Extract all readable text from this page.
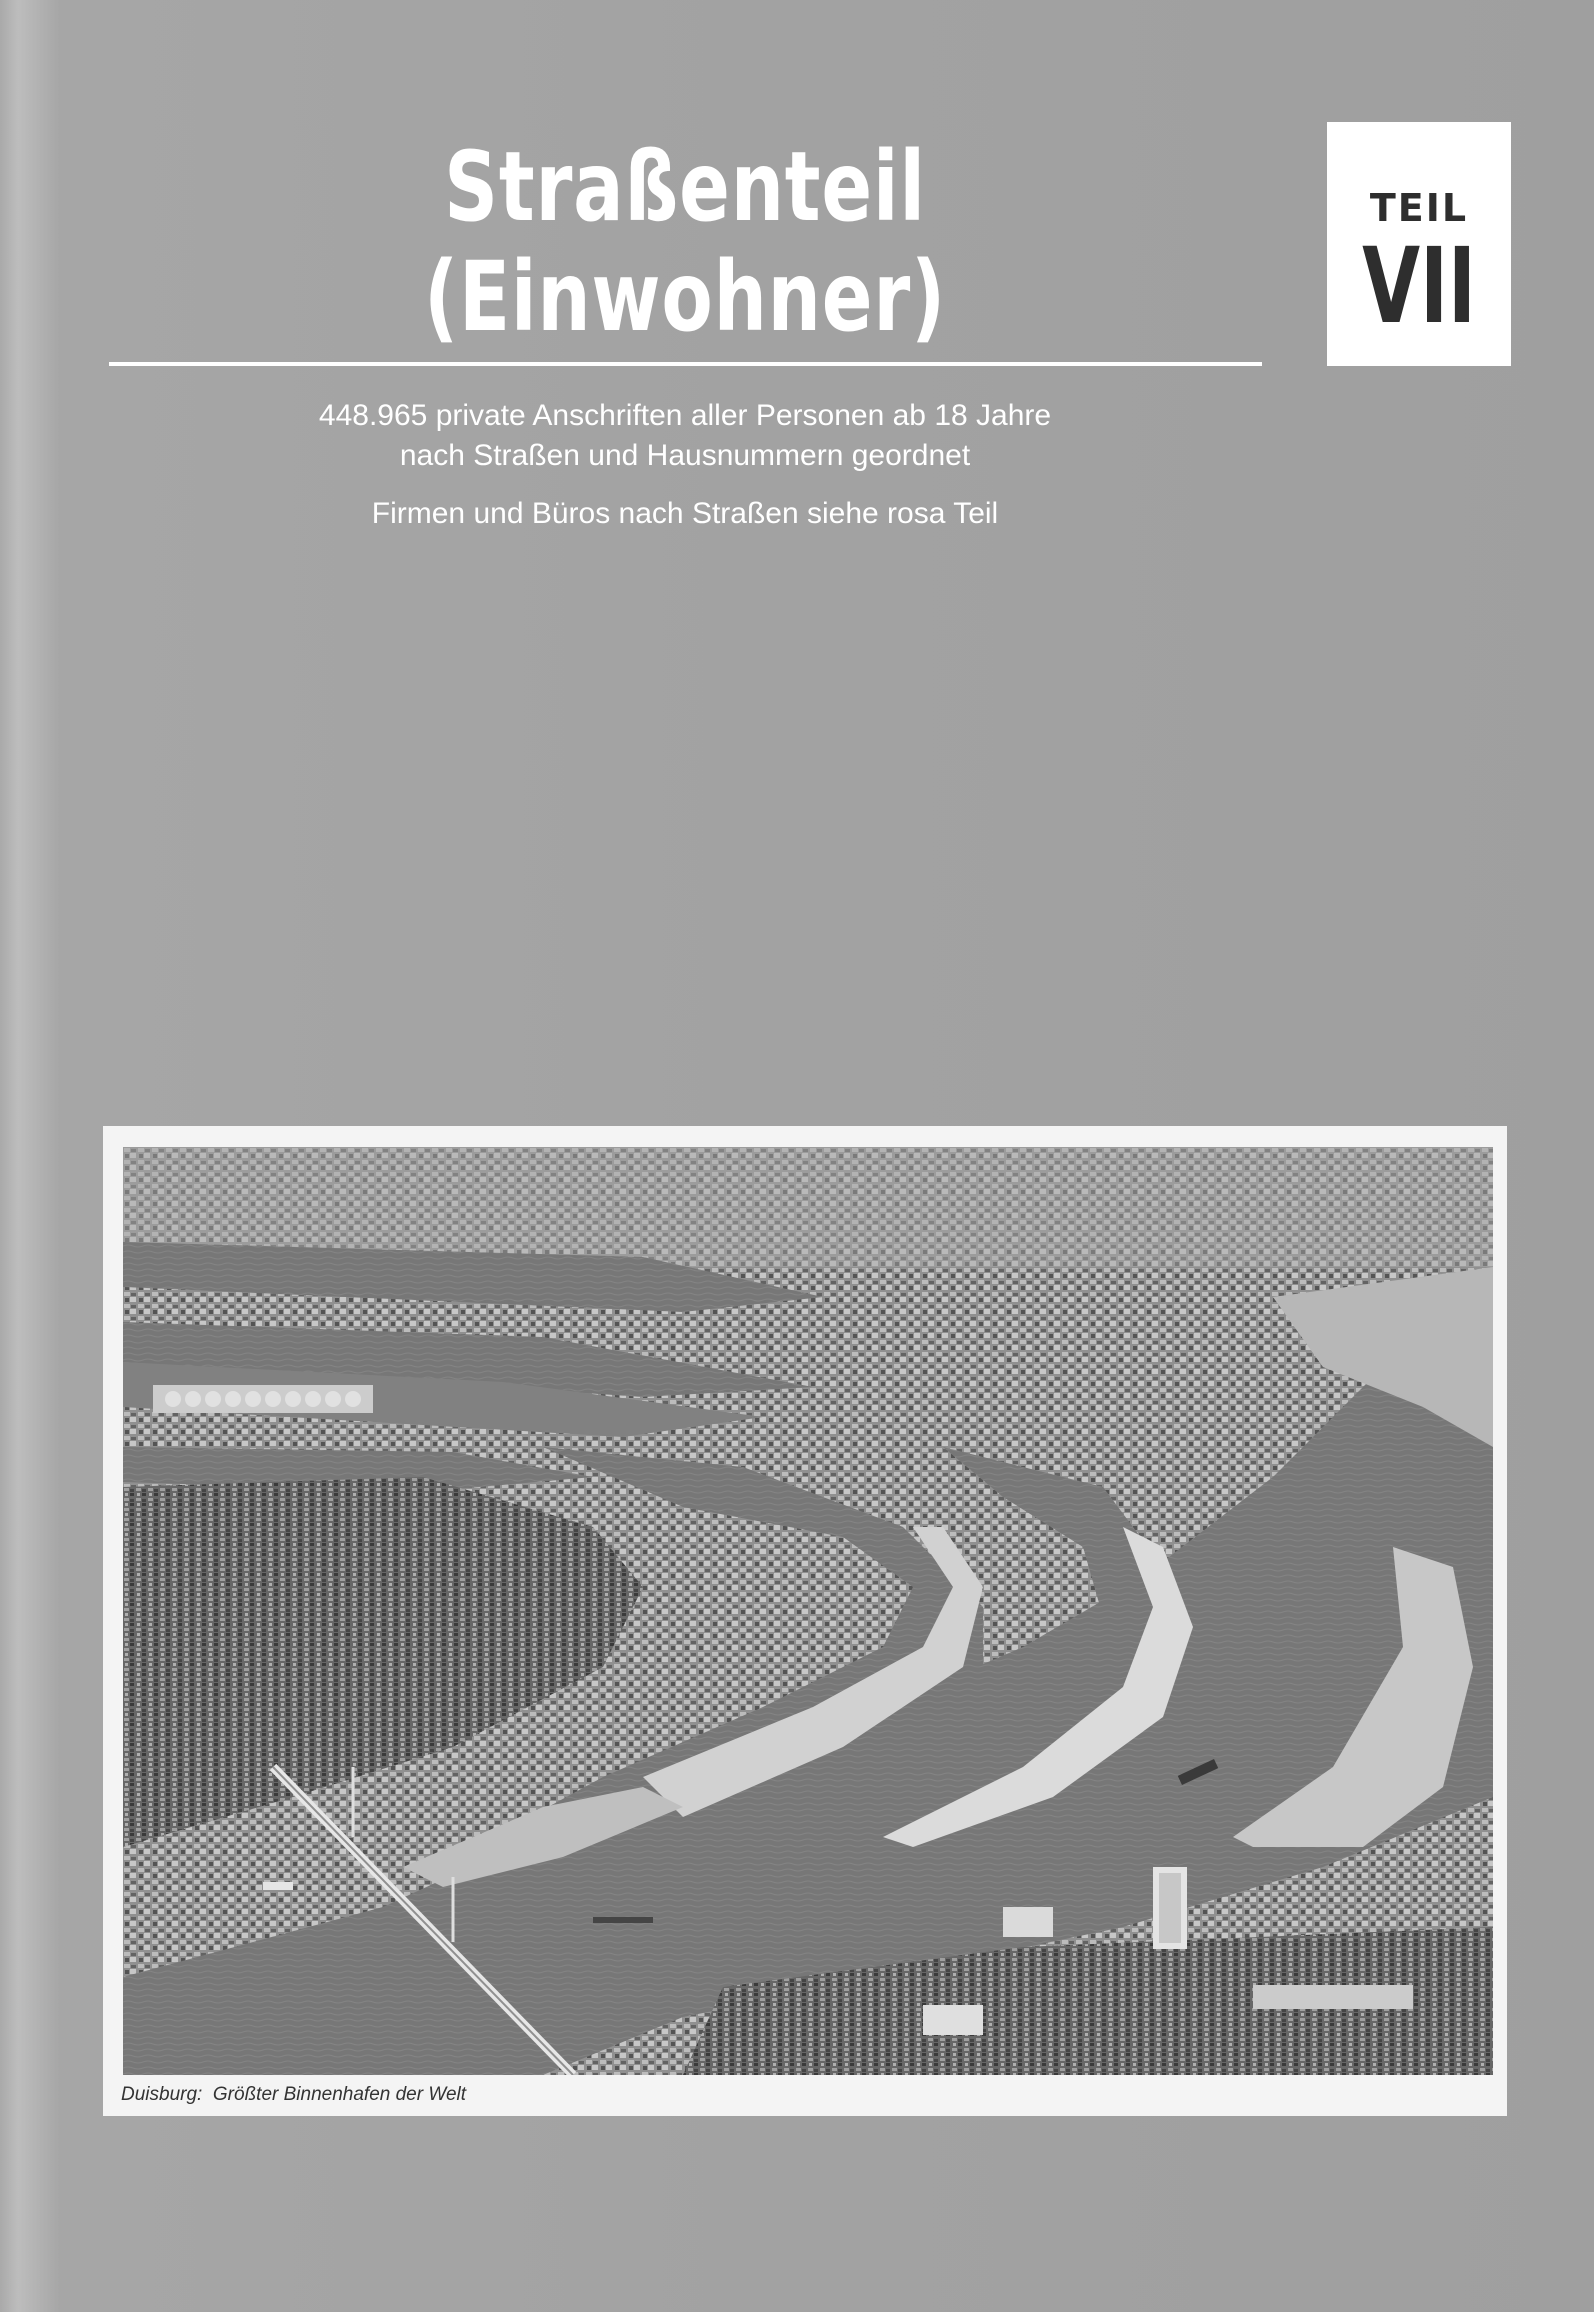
Straßenteil
(Einwohner)
TEIL
VII
448.965 private Anschriften aller Personen ab 18 Jahre
nach Straßen und Hausnummern geordnet
Firmen und Büros nach Straßen siehe rosa Teil
Duisburg: Größter Binnenhafen der Welt
